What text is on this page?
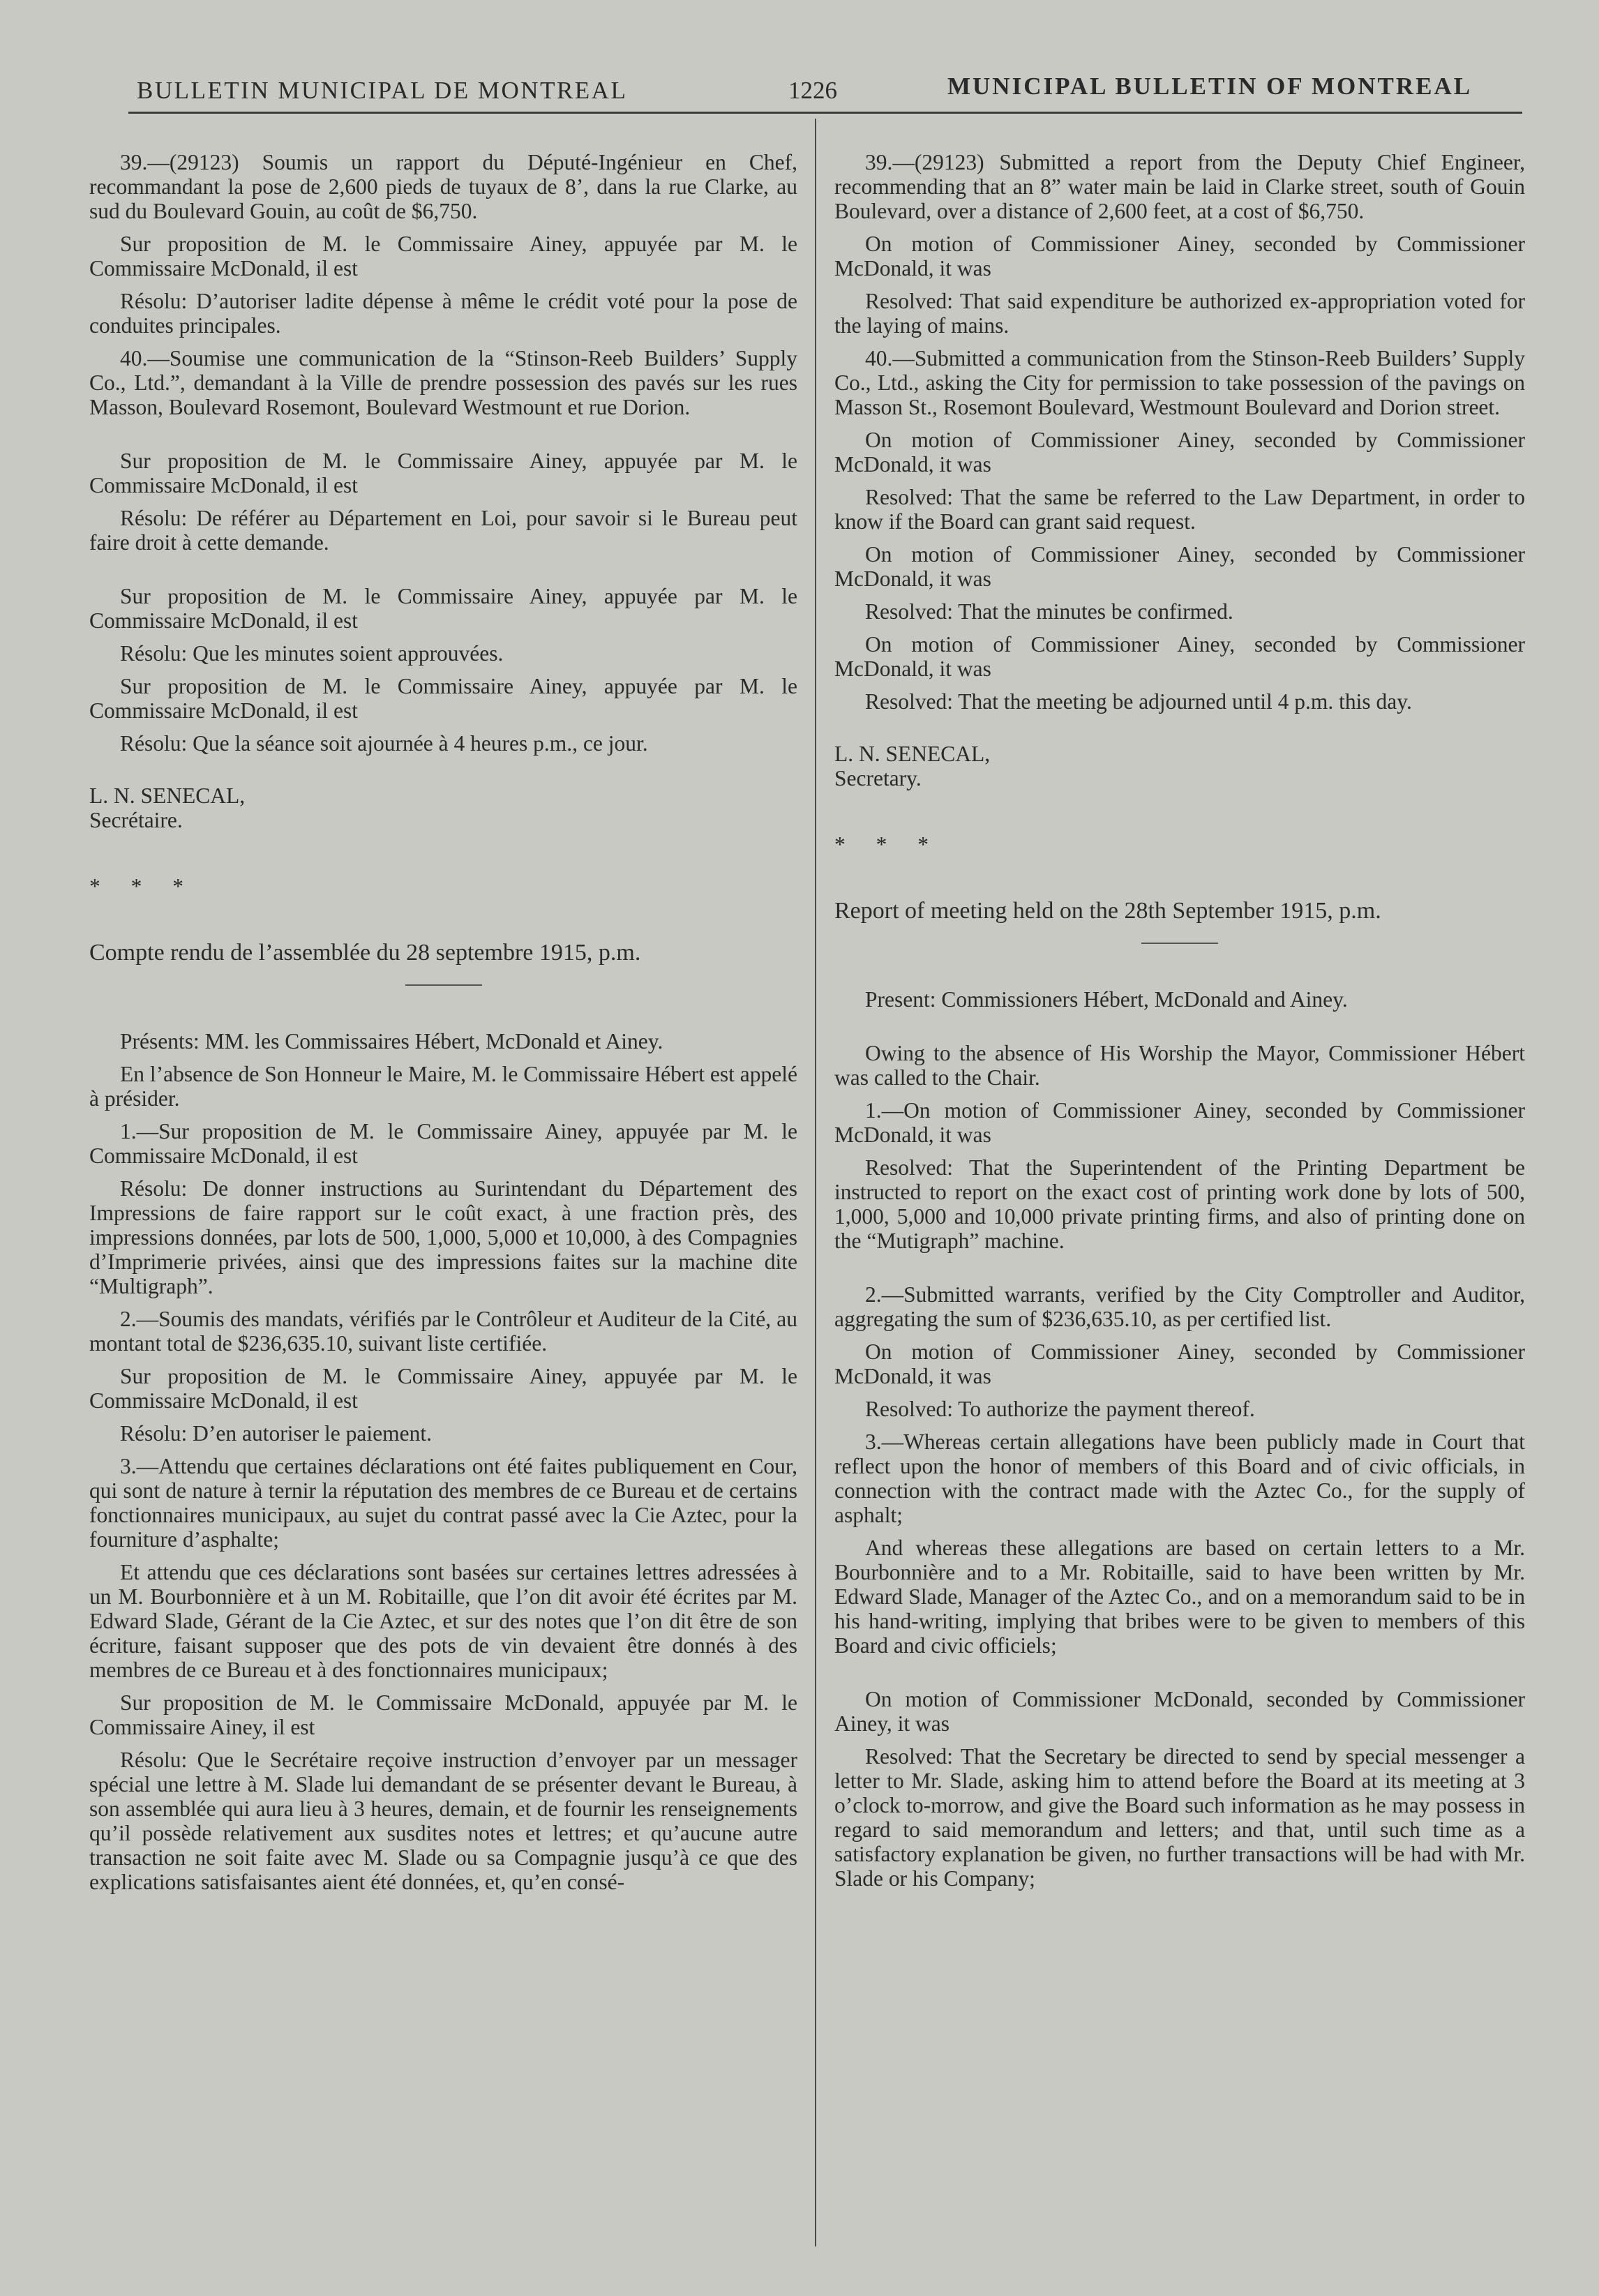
BULLETIN MUNICIPAL DE MONTREAL	1226	MUNICIPAL BULLETIN OF MONTREAL

39.—(29123) Soumis un rapport du Député-Ingénieur en Chef, recommandant la pose de 2,600 pieds de tuyaux de 8’, dans la rue Clarke, au sud du Boulevard Gouin, au coût de $6,750.

Sur proposition de M. le Commissaire Ainey, appuyée par M. le Commissaire McDonald, il est

Résolu: D’autoriser ladite dépense à même le crédit voté pour la pose de conduites principales.

40.—Soumise une communication de la “Stinson-Reeb Builders’ Supply Co., Ltd.”, demandant à la Ville de prendre possession des pavés sur les rues Masson, Boulevard Rosemont, Boulevard Westmount et rue Dorion.

Sur proposition de M. le Commissaire Ainey, appuyée par M. le Commissaire McDonald, il est

Résolu: De référer au Département en Loi, pour savoir si le Bureau peut faire droit à cette demande.

Sur proposition de M. le Commissaire Ainey, appuyée par M. le Commissaire McDonald, il est

Résolu: Que les minutes soient approuvées.

Sur proposition de M. le Commissaire Ainey, appuyée par M. le Commissaire McDonald, il est

Résolu: Que la séance soit ajournée à 4 heures p.m., ce jour.

L. N. SENECAL,

Secrétaire.

* * *

Compte rendu de l’assemblée du 28 septembre 1915, p.m.

Présents: MM. les Commissaires Hébert, McDonald et Ainey.

En l’absence de Son Honneur le Maire, M. le Commissaire Hébert est appelé à présider.

1.—Sur proposition de M. le Commissaire Ainey, appuyée par M. le Commissaire McDonald, il est

Résolu: De donner instructions au Surintendant du Département des Impressions de faire rapport sur le coût exact, à une fraction près, des impressions données, par lots de 500, 1,000, 5,000 et 10,000, à des Compagnies d’Imprimerie privées, ainsi que des impressions faites sur la machine dite “Multigraph”.

2.—Soumis des mandats, vérifiés par le Contrôleur et Auditeur de la Cité, au montant total de $236,635.10, suivant liste certifiée.

Sur proposition de M. le Commissaire Ainey, appuyée par M. le Commissaire McDonald, il est

Résolu: D’en autoriser le paiement.

3.—Attendu que certaines déclarations ont été faites publiquement en Cour, qui sont de nature à ternir la réputation des membres de ce Bureau et de certains fonctionnaires municipaux, au sujet du contrat passé avec la Cie Aztec, pour la fourniture d’asphalte;

Et attendu que ces déclarations sont basées sur certaines lettres adressées à un M. Bourbonnière et à un M. Robitaille, que l’on dit avoir été écrites par M. Edward Slade, Gérant de la Cie Aztec, et sur des notes que l’on dit être de son écriture, faisant supposer que des pots de vin devaient être donnés à des membres de ce Bureau et à des fonctionnaires municipaux;

Sur proposition de M. le Commissaire McDonald, appuyée par M. le Commissaire Ainey, il est

Résolu: Que le Secrétaire reçoive instruction d’envoyer par un messager spécial une lettre à M. Slade lui demandant de se présenter devant le Bureau, à son assemblée qui aura lieu à 3 heures, demain, et de fournir les renseignements qu’il possède relativement aux susdites notes et lettres; et qu’aucune autre transaction ne soit faite avec M. Slade ou sa Compagnie jusqu’à ce que des explications satisfaisantes aient été données, et, qu’en consé-

39.—(29123) Submitted a report from the Deputy Chief Engineer, recommending that an 8” water main be laid in Clarke street, south of Gouin Boulevard, over a distance of 2,600 feet, at a cost of $6,750.

On motion of Commissioner Ainey, seconded by Commissioner McDonald, it was

Resolved: That said expenditure be authorized ex-appropriation voted for the laying of mains.

40.—Submitted a communication from the Stinson-Reeb Builders’ Supply Co., Ltd., asking the City for permission to take possession of the pavings on Masson St., Rosemont Boulevard, Westmount Boulevard and Dorion street.

On motion of Commissioner Ainey, seconded by Commissioner McDonald, it was

Resolved: That the same be referred to the Law Department, in order to know if the Board can grant said request.

On motion of Commissioner Ainey, seconded by Commissioner McDonald, it was

Resolved: That the minutes be confirmed.

On motion of Commissioner Ainey, seconded by Commissioner McDonald, it was

Resolved: That the meeting be adjourned until 4 p.m. this day.

L. N. SENECAL,

Secretary.

* * *

Report of meeting held on the 28th September 1915, p.m.

Present: Commissioners Hébert, McDonald and Ainey.

Owing to the absence of His Worship the Mayor, Commissioner Hébert was called to the Chair.

1.—On motion of Commissioner Ainey, seconded by Commissioner McDonald, it was

Resolved: That the Superintendent of the Printing Department be instructed to report on the exact cost of printing work done by lots of 500, 1,000, 5,000 and 10,000 private printing firms, and also of printing done on the “Mutigraph” machine.

2.—Submitted warrants, verified by the City Comptroller and Auditor, aggregating the sum of $236,635.10, as per certified list.

On motion of Commissioner Ainey, seconded by Commissioner McDonald, it was

Resolved: To authorize the payment thereof.

3.—Whereas certain allegations have been publicly made in Court that reflect upon the honor of members of this Board and of civic officials, in connection with the contract made with the Aztec Co., for the supply of asphalt;

And whereas these allegations are based on certain letters to a Mr. Bourbonnière and to a Mr. Robitaille, said to have been written by Mr. Edward Slade, Manager of the Aztec Co., and on a memorandum said to be in his hand-writing, implying that bribes were to be given to members of this Board and civic officiels;

On motion of Commissioner McDonald, seconded by Commissioner Ainey, it was

Resolved: That the Secretary be directed to send by special messenger a letter to Mr. Slade, asking him to attend before the Board at its meeting at 3 o’clock to-morrow, and give the Board such information as he may possess in regard to said memorandum and letters; and that, until such time as a satisfactory explanation be given, no further transactions will be had with Mr. Slade or his Company;
